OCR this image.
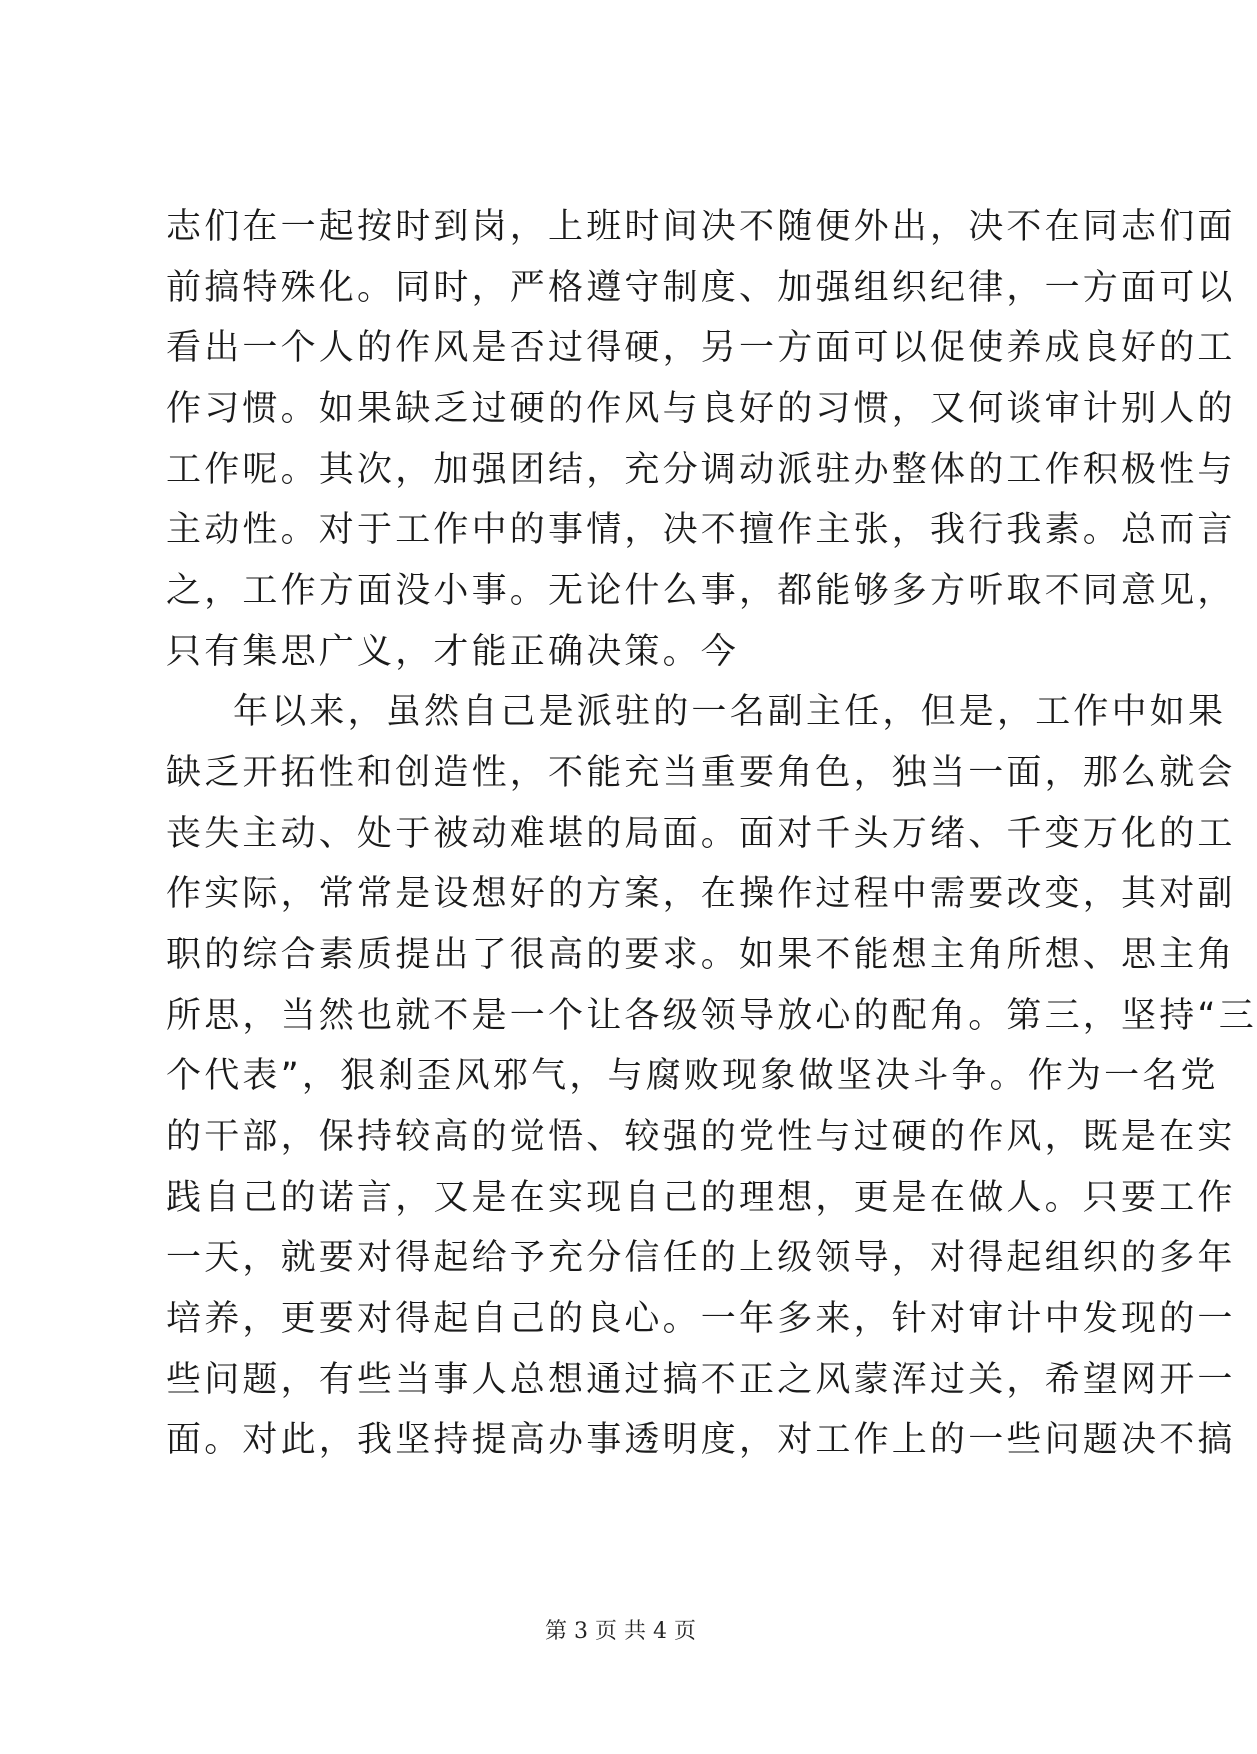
志们在一起按时到岗，上班时间决不随便外出，决不在同志们面
前搞特殊化。同时，严格遵守制度、加强组织纪律，一方面可以
看出一个人的作风是否过得硬，另一方面可以促使养成良好的工
作习惯。如果缺乏过硬的作风与良好的习惯，又何谈审计别人的
工作呢。其次，加强团结，充分调动派驻办整体的工作积极性与
主动性。对于工作中的事情，决不擅作主张，我行我素。总而言
之，工作方面没小事。无论什么事，都能够多方听取不同意见，
只有集思广义，才能正确决策。今
年以来，虽然自己是派驻的一名副主任，但是，工作中如果
缺乏开拓性和创造性，不能充当重要角色，独当一面，那么就会
丧失主动、处于被动难堪的局面。面对千头万绪、千变万化的工
作实际，常常是设想好的方案，在操作过程中需要改变，其对副
职的综合素质提出了很高的要求。如果不能想主角所想、思主角
所思，当然也就不是一个让各级领导放心的配角。第三，坚持“三
个代表”，狠刹歪风邪气，与腐败现象做坚决斗争。作为一名党
的干部，保持较高的觉悟、较强的党性与过硬的作风，既是在实
践自己的诺言，又是在实现自己的理想，更是在做人。只要工作
一天，就要对得起给予充分信任的上级领导，对得起组织的多年
培养，更要对得起自己的良心。一年多来，针对审计中发现的一
些问题，有些当事人总想通过搞不正之风蒙浑过关，希望网开一
面。对此，我坚持提高办事透明度，对工作上的一些问题决不搞
第 3 页 共 4 页
